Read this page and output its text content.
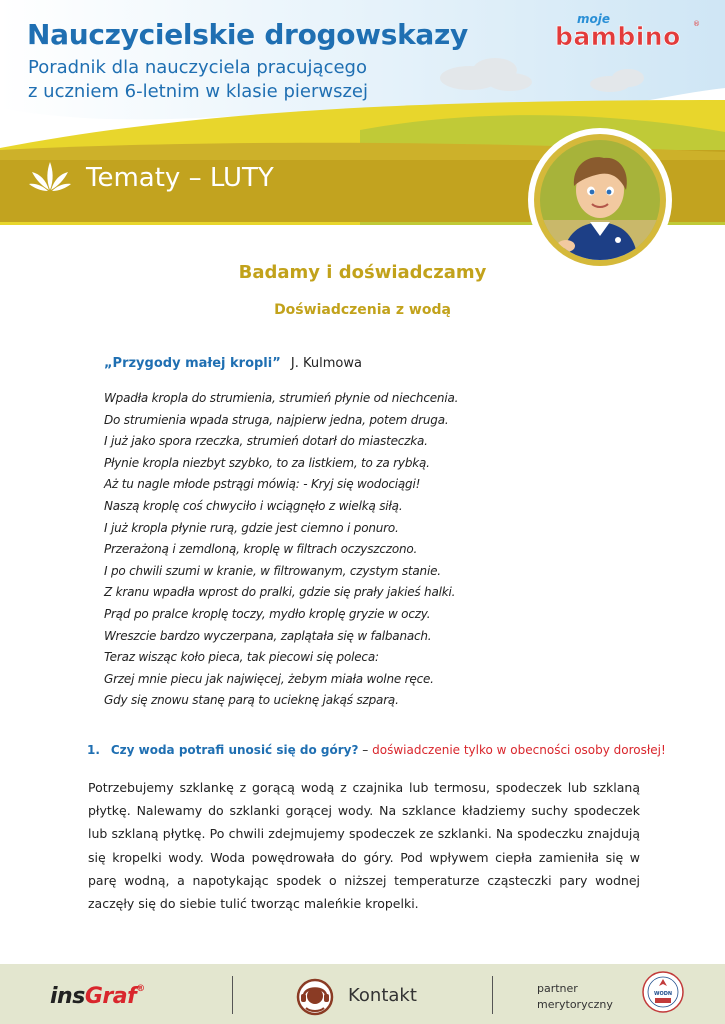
Nauczycielskie drogowskazy
Poradnik dla nauczyciela pracującego
z uczniem 6-letnim w klasie pierwszej
moje
bambino ®
Tematy – LUTY
Badamy i doświadczamy
Doświadczenia z wodą
„Przygody małej kropli” J. Kulmowa
Wpadła kropla do strumienia, strumień płynie od niechcenia.
Do strumienia wpada struga, najpierw jedna, potem druga.
I już jako spora rzeczka, strumień dotarł do miasteczka.
Płynie kropla niezbyt szybko, to za listkiem, to za rybką.
Aż tu nagle młode pstrągi mówią: - Kryj się wodociągi!
Naszą kroplę coś chwyciło i wciągnęło z wielką siłą.
I już kropla płynie rurą, gdzie jest ciemno i ponuro.
Przerażoną i zemdloną, kroplę w filtrach oczyszczono.
I po chwili szumi w kranie, w filtrowanym, czystym stanie.
Z kranu wpadła wprost do pralki, gdzie się prały jakieś halki.
Prąd po pralce kroplę toczy, mydło kroplę gryzie w oczy.
Wreszcie bardzo wyczerpana, zaplątała się w falbanach.
Teraz wisząc koło pieca, tak piecowi się poleca:
Grzej mnie piecu jak najwięcej, żebym miała wolne ręce.
Gdy się znowu stanę parą to ucieknę jakąś szparą.
1. Czy woda potrafi unosić się do góry? – doświadczenie tylko w obecności osoby dorosłej!
Potrzebujemy szklankę z gorącą wodą z czajnika lub termosu, spodeczek lub szklaną płytkę. Nalewamy do szklanki gorącej wody. Na szklance kładziemy suchy spodeczek lub szklaną płytkę. Po chwili zdejmujemy spodeczek ze szklanki. Na spodeczku znajdują się kropelki wody. Woda powędrowała do góry. Pod wpływem ciepła zamieniła się w parę wodną, a napotykając spodek o niższej temperaturze cząsteczki pary wodnej zaczęły się do siebie tulić tworząc maleńkie kropelki.
insGraf®	Kontakt	partner
merytoryczny
WODN
